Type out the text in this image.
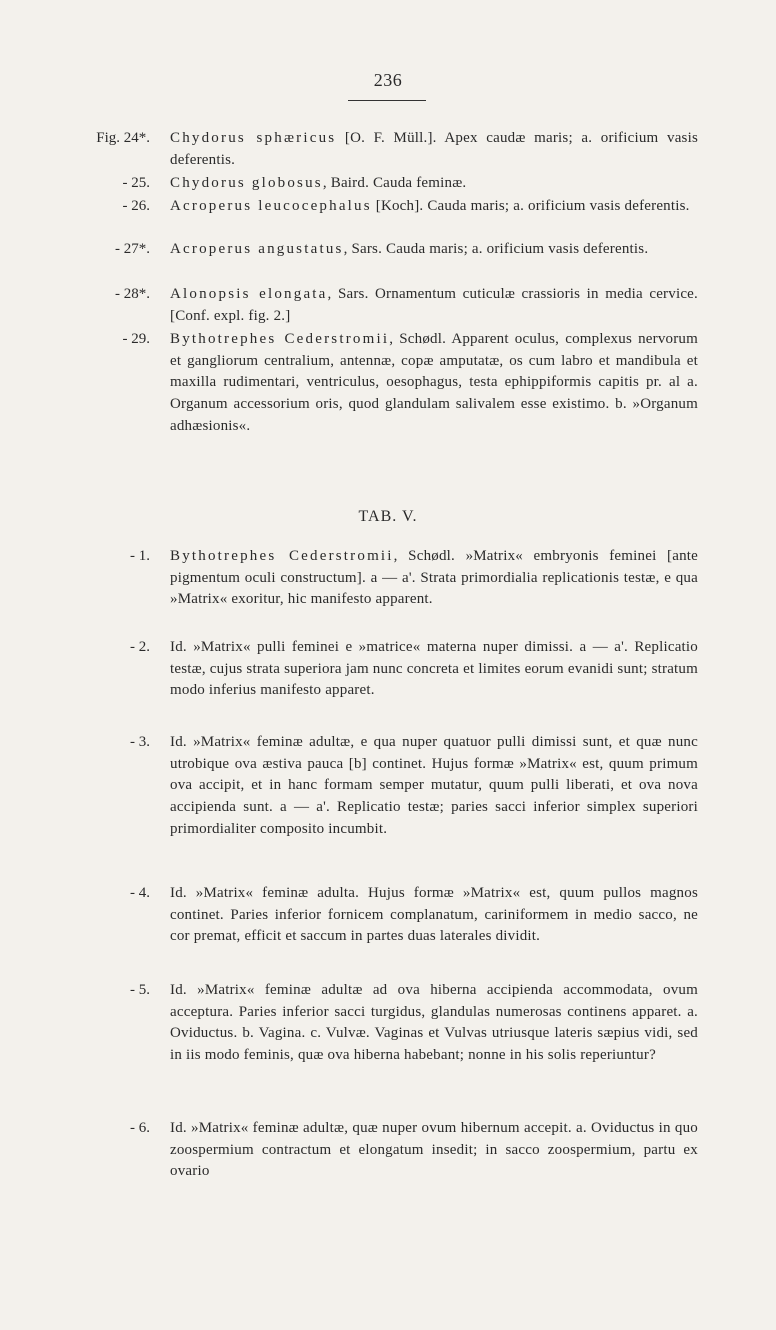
236
Fig. 24*. Chydorus sphæricus [O. F. Müll.]. Apex caudæ maris; a. orificium vasis deferentis.
- 25. Chydorus globosus, Baird. Cauda feminæ.
- 26. Acroperus leucocephalus [Koch]. Cauda maris; a. orificium vasis deferentis.
- 27*. Acroperus angustatus, Sars. Cauda maris; a. orificium vasis deferentis.
- 28*. Alonopsis elongata, Sars. Ornamentum cuticulæ crassioris in media cervice. [Conf. expl. fig. 2.]
- 29. Bythotrephes Cederstromii, Schødl. Apparent oculus, complexus nervorum et gangliorum centralium, antennæ, copæ amputatæ, os cum labro et mandibula et maxilla rudimentari, ventriculus, oesophagus, testa ephippiformis capitis pr. al a. Organum accessorium oris, quod glandulam salivalem esse existimo. b. »Organum adhæsionis«.
TAB. V.
- 1. Bythotrephes Cederstromii, Schødl. »Matrix« embryonis feminei [ante pigmentum oculi constructum]. a — a'. Strata primordialia replicationis testæ, e qua »Matrix« exoritur, hic manifesto apparent.
- 2. Id. »Matrix« pulli feminei e »matrice« materna nuper dimissi. a — a'. Replicatio testæ, cujus strata superiora jam nunc concreta et limites eorum evanidi sunt; stratum modo inferius manifesto apparet.
- 3. Id. »Matrix« feminæ adultæ, e qua nuper quatuor pulli dimissi sunt, et quæ nunc utrobique ova æstiva pauca [b] continet. Hujus formæ »Matrix« est, quum primum ova accipit, et in hanc formam semper mutatur, quum pulli liberati, et ova nova accipienda sunt. a — a'. Replicatio testæ; paries sacci inferior simplex superiori primordialiter composito incumbit.
- 4. Id. »Matrix« feminæ adulta. Hujus formæ »Matrix« est, quum pullos magnos continet. Paries inferior fornicem complanatum, cariniformem in medio sacco, ne cor premat, efficit et saccum in partes duas laterales dividit.
- 5. Id. »Matrix« feminæ adultæ ad ova hiberna accipienda accommodata, ovum acceptura. Paries inferior sacci turgidus, glandulas numerosas continens apparet. a. Oviductus. b. Vagina. c. Vulvæ. Vaginas et Vulvas utriusque lateris sæpius vidi, sed in iis modo feminis, quæ ova hiberna habebant; nonne in his solis reperiuntur?
- 6. Id. »Matrix« feminæ adultæ, quæ nuper ovum hibernum accepit. a. Oviductus in quo zoospermium contractum et elongatum insedit; in sacco zoospermium, partu ex ovario
